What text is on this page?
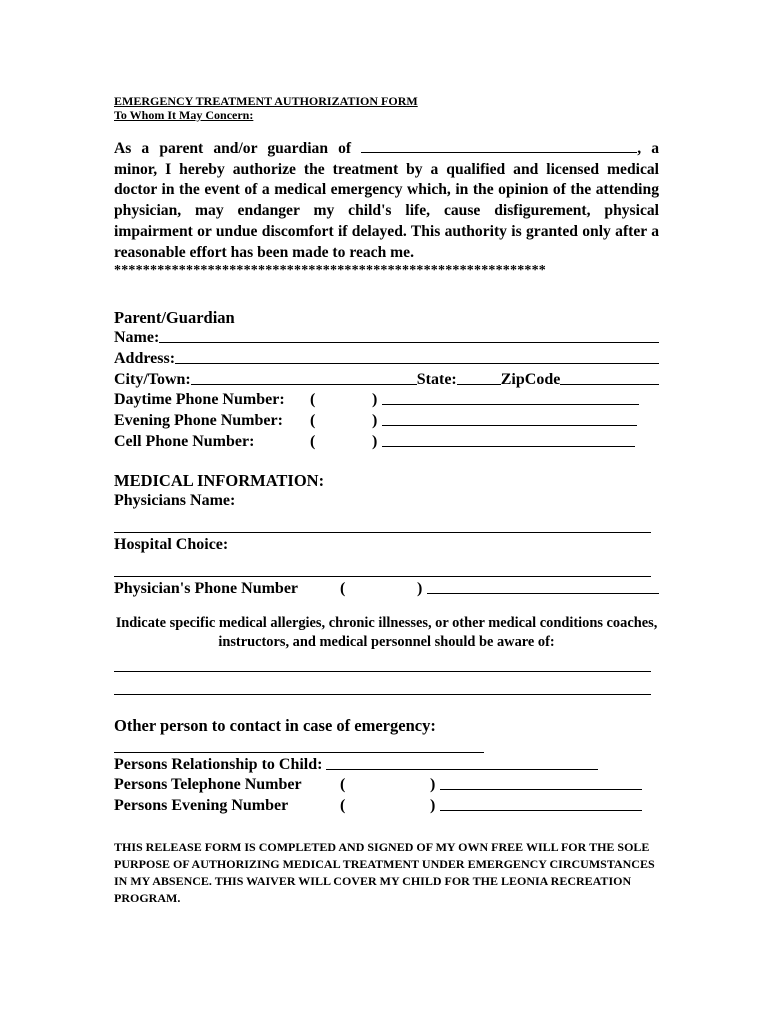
EMERGENCY TREATMENT AUTHORIZATION FORM
To Whom It May Concern:
As a parent and/or guardian of	, a minor, I hereby authorize the treatment by a qualified and licensed medical doctor in the event of a medical emergency which, in the opinion of the attending physician, may endanger my child's life, cause disfigurement, physical impairment or undue discomfort if delayed. This authority is granted only after a reasonable effort has been made to reach me.
************************************************************
Parent/Guardian
Name:
Address:
City/Town:	State:	ZipCode
Daytime Phone Number:	(	)
Evening Phone Number:	(	)
Cell Phone Number:	(	)
MEDICAL INFORMATION:
Physicians Name:
Hospital Choice:
Physician's Phone Number	(	)
Indicate specific medical allergies, chronic illnesses, or other medical conditions coaches, instructors, and medical personnel should be aware of:
Other person to contact in case of emergency:
Persons Relationship to Child:
Persons Telephone Number	(	)
Persons Evening Number	(	)
THIS RELEASE FORM IS COMPLETED AND SIGNED OF MY OWN FREE WILL FOR THE SOLE PURPOSE OF AUTHORIZING MEDICAL TREATMENT UNDER EMERGENCY CIRCUMSTANCES IN MY ABSENCE. THIS WAIVER WILL COVER MY CHILD FOR THE LEONIA RECREATION PROGRAM.
